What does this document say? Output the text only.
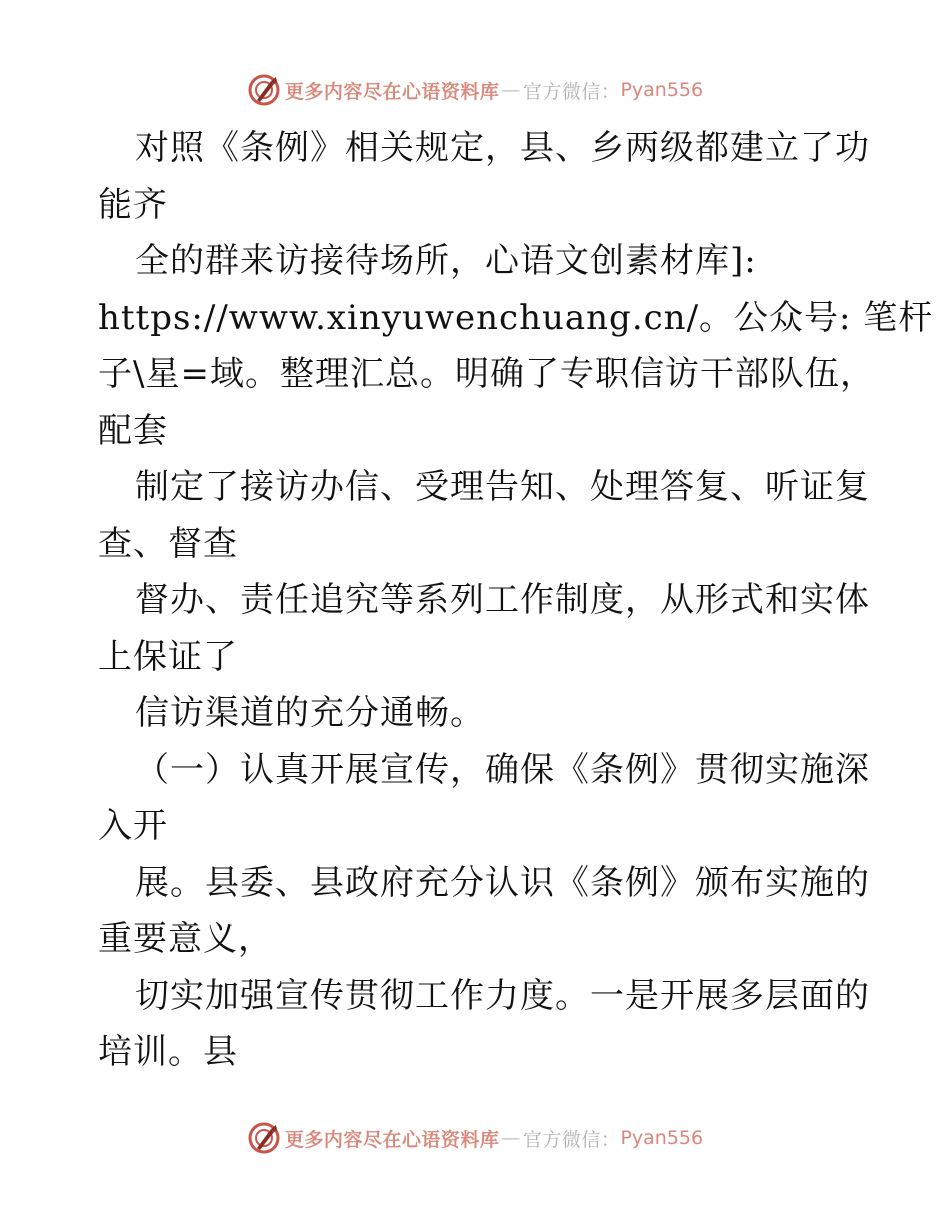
更多内容尽在心语资料库 — 官方微信： Pyan556
对照《条例》相关规定，县、乡两级都建立了功
能齐
全的群来访接待场所，心语文创素材库]:
https://www.xinyuwenchuang.cn/。公众号: 笔杆
子\星=域。整理汇总。明确了专职信访干部队伍，
配套
制定了接访办信、受理告知、处理答复、听证复
查、督查
督办、责任追究等系列工作制度，从形式和实体
上保证了
信访渠道的充分通畅。
（一）认真开展宣传，确保《条例》贯彻实施深
入开
展。县委、县政府充分认识《条例》颁布实施的
重要意义，
切实加强宣传贯彻工作力度。一是开展多层面的
培训。县
更多内容尽在心语资料库 — 官方微信： Pyan556
